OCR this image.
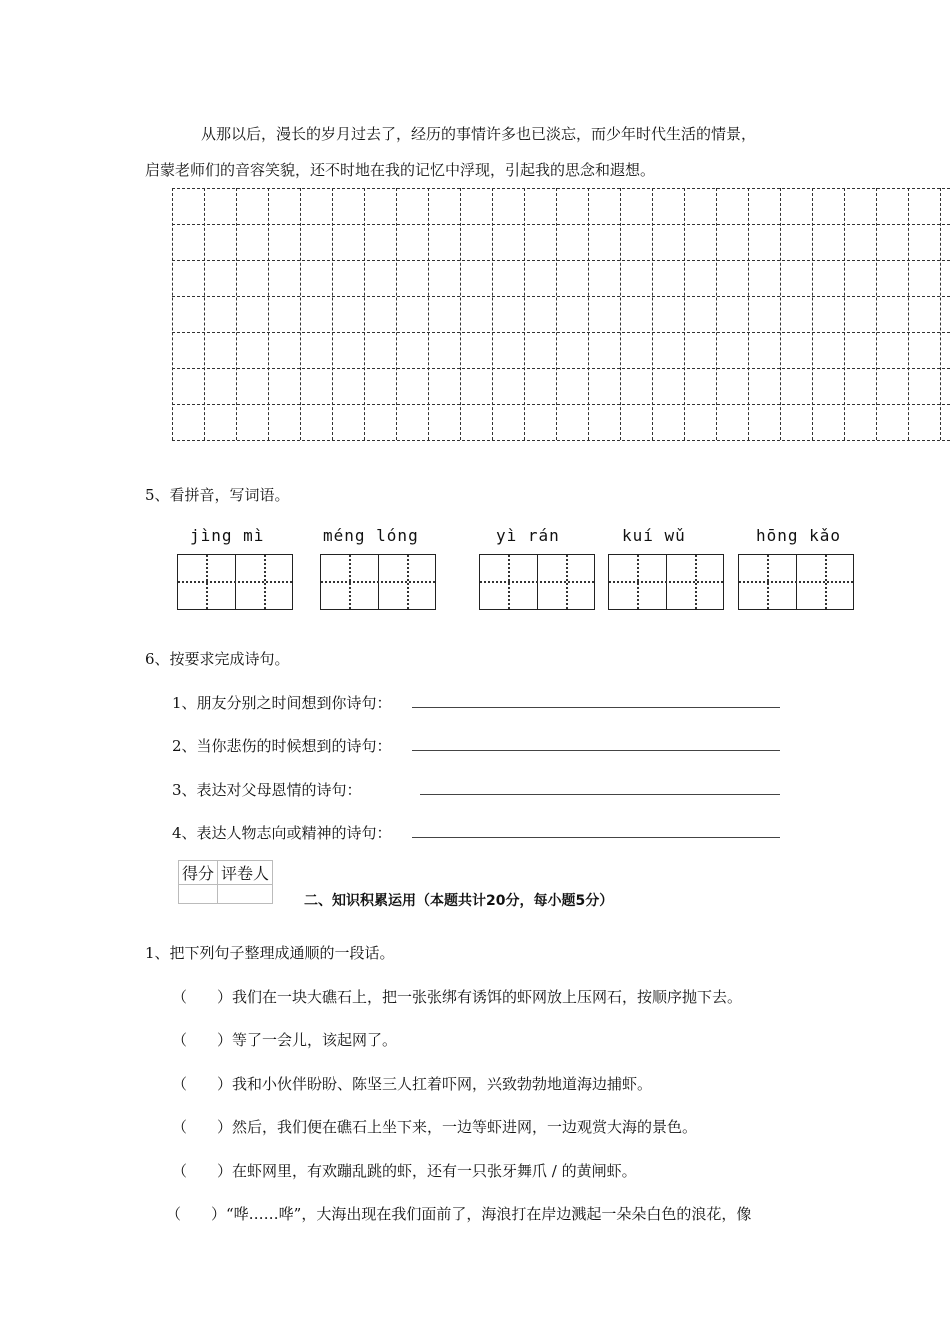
从那以后，漫长的岁月过去了，经历的事情许多也已淡忘，而少年时代生活的情景，

启蒙老师们的音容笑貌，还不时地在我的记忆中浮现，引起我的思念和遐想。

5、看拼音，写词语。
jìng mì	méng lóng	yì rán	kuí wǔ	hōng kǎo
6、按要求完成诗句。
1、朋友分别之时间想到你诗句：
2、当你悲伤的时候想到的诗句：
3、表达对父母恩情的诗句：
4、表达人物志向或精神的诗句：
得分	评卷人

二、知识积累运用（本题共计20分，每小题5分）
1、把下列句子整理成通顺的一段话。
（　　）我们在一块大礁石上，把一张张绑有诱饵的虾网放上压网石，按顺序抛下去。
（　　）等了一会儿，该起网了。
（　　）我和小伙伴盼盼、陈坚三人扛着吓网，兴致勃勃地道海边捕虾。
（　　）然后，我们便在礁石上坐下来，一边等虾进网，一边观赏大海的景色。
（　　）在虾网里，有欢蹦乱跳的虾，还有一只张牙舞爪 / 的黄闸虾。
（　　）“哗……哗”，大海出现在我们面前了，海浪打在岸边溅起一朵朵白色的浪花，像
